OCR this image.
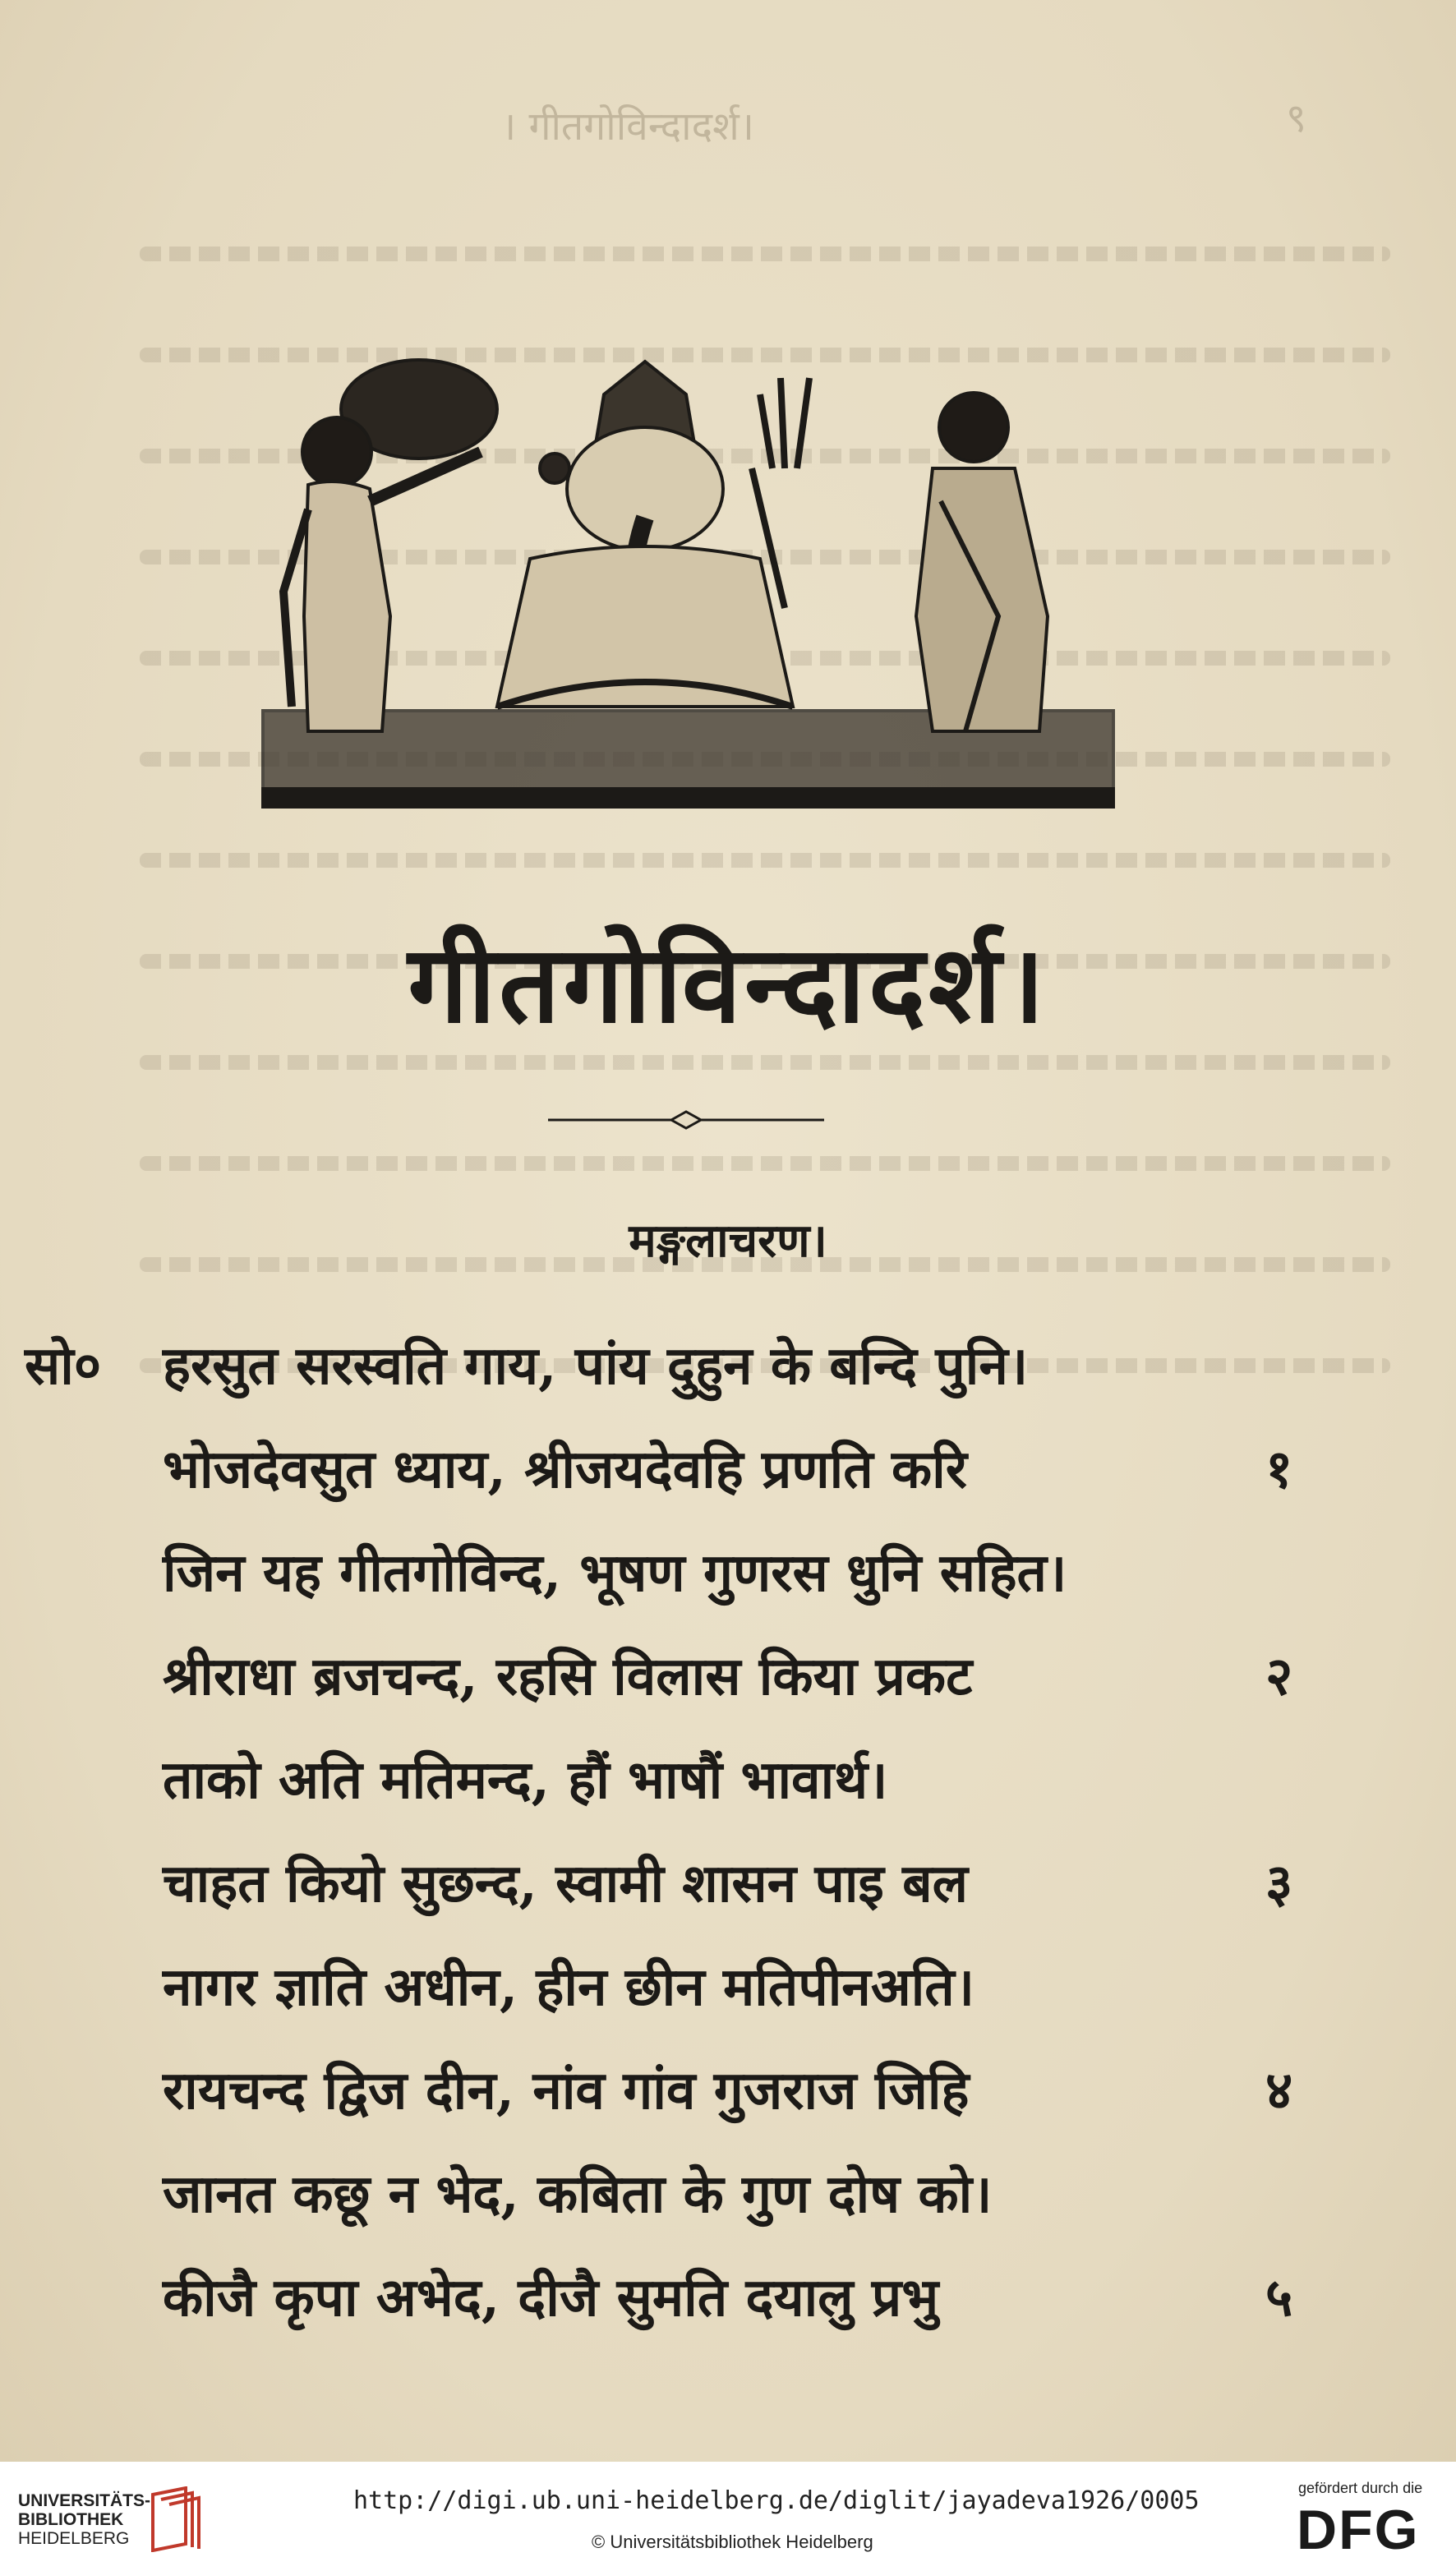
। गीतगोविन्दादर्श।	९
गीतगोविन्दादर्श।
मङ्गलाचरण।
सो० हरसुत सरस्वति गाय, पांय दुहुन के बन्दि पुनि।
भोजदेवसुत ध्याय, श्रीजयदेवहि प्रणति करि	१
जिन यह गीतगोविन्द, भूषण गुणरस धुनि सहित।
श्रीराधा ब्रजचन्द, रहसि विलास किया प्रकट	२
ताको अति मतिमन्द, हौं भाषौं भावार्थ।
चाहत कियो सुछन्द, स्वामी शासन पाइ बल	३
नागर ज्ञाति अधीन, हीन छीन मतिपीनअति।
रायचन्द द्विज दीन, नांव गांव गुजराज जिहि	४
जानत कछू न भेद, कबिता के गुण दोष को।
कीजै कृपा अभेद, दीजै सुमति दयालु प्रभु	५
UNIVERSITÄTS-
BIBLIOTHEK
HEIDELBERG
http://digi.ub.uni-heidelberg.de/diglit/jayadeva1926/0005
© Universitätsbibliothek Heidelberg
gefördert durch die
DFG
